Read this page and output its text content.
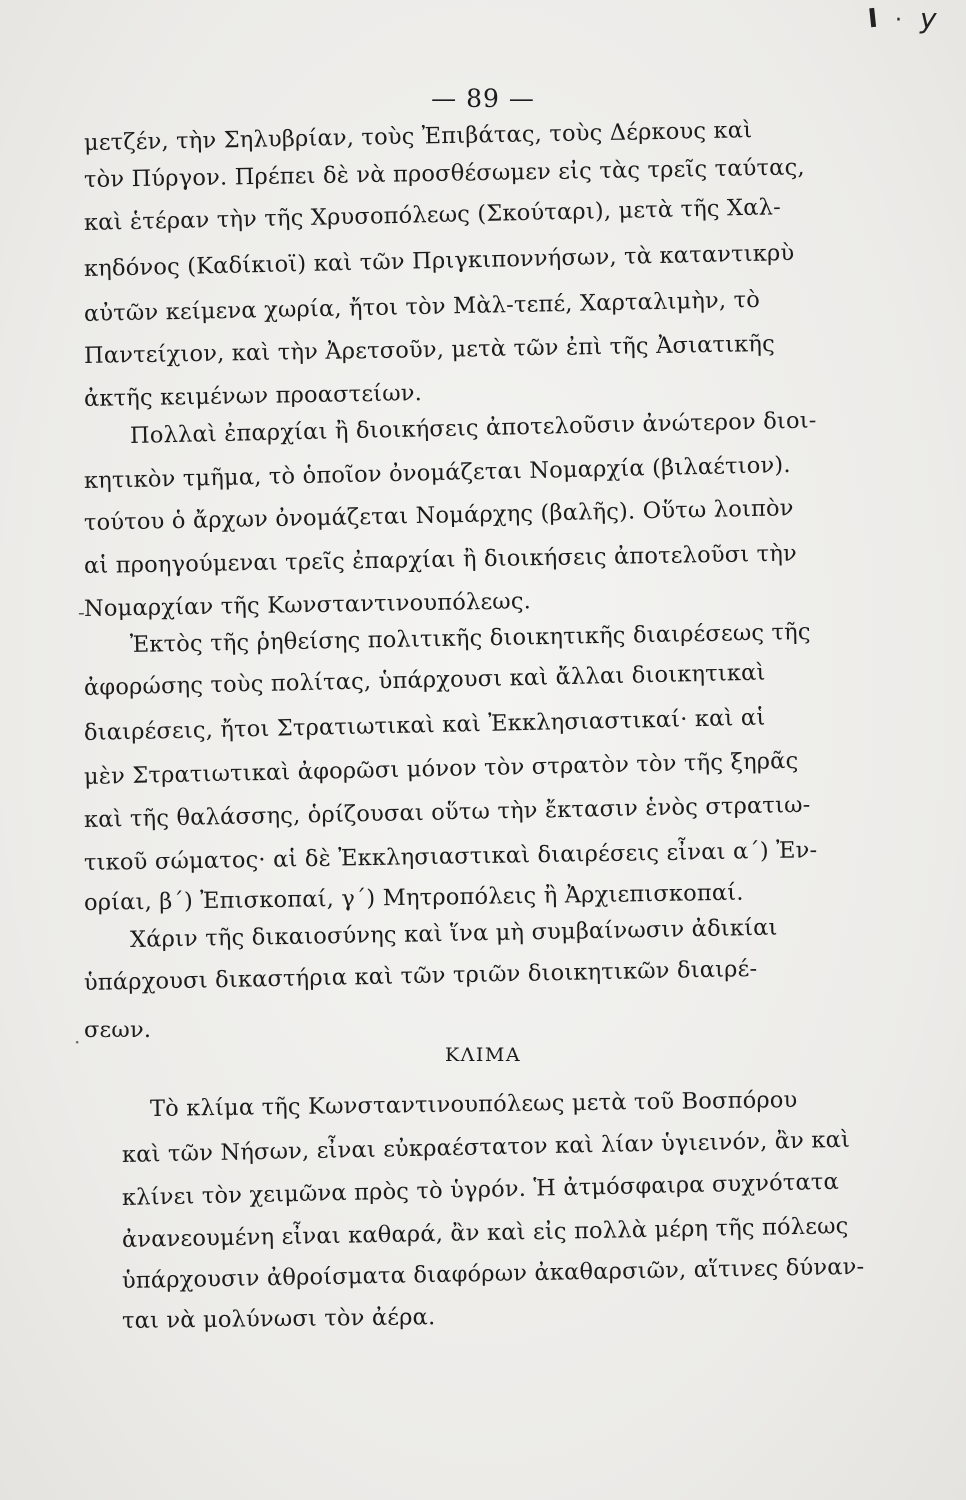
I · y
-
·
— 89 —
μετζέν, τὴν Σηλυβρίαν, τοὺς Ἐπιβάτας, τοὺς Δέρκους καὶ
τὸν Πύργον. Πρέπει δὲ νὰ προσθέσωμεν εἰς τὰς τρεῖς ταύτας,
καὶ ἑτέραν τὴν τῆς Χρυσοπόλεως (Σκούταρι), μετὰ τῆς Χαλ-
κηδόνος (Καδίκιοϊ) καὶ τῶν Πριγκιποννήσων, τὰ καταντικρὺ
αὐτῶν κείμενα χωρία, ἤτοι τὸν Μὰλ-τεπέ, Χαρταλιμὴν, τὸ
Παντείχιον, καὶ τὴν Ἀρετσοῦν, μετὰ τῶν ἐπὶ τῆς Ἀσιατικῆς
ἀκτῆς κειμένων προαστείων.
Πολλαὶ ἐπαρχίαι ἢ διοικήσεις ἀποτελοῦσιν ἀνώτερον διοι-
κητικὸν τμῆμα, τὸ ὁποῖον ὀνομάζεται Νομαρχία (βιλαέτιον).
τούτου ὁ ἄρχων ὀνομάζεται Νομάρχης (βαλῆς). Οὕτω λοιπὸν
αἱ προηγούμεναι τρεῖς ἐπαρχίαι ἢ διοικήσεις ἀποτελοῦσι τὴν
Νομαρχίαν τῆς Κωνσταντινουπόλεως.
Ἐκτὸς τῆς ῥηθείσης πολιτικῆς διοικητικῆς διαιρέσεως τῆς
ἀφορώσης τοὺς πολίτας, ὑπάρχουσι καὶ ἄλλαι διοικητικαὶ
διαιρέσεις, ἤτοι Στρατιωτικαὶ καὶ Ἐκκλησιαστικαί· καὶ αἱ
μὲν Στρατιωτικαὶ ἀφορῶσι μόνον τὸν στρατὸν τὸν τῆς ξηρᾶς
καὶ τῆς θαλάσσης, ὁρίζουσαι οὕτω τὴν ἔκτασιν ἑνὸς στρατιω-
τικοῦ σώματος· αἱ δὲ Ἐκκλησιαστικαὶ διαιρέσεις εἶναι α΄) Ἐν-
ορίαι, β΄) Ἐπισκοπαί, γ΄) Μητροπόλεις ἢ Ἀρχιεπισκοπαί.
Χάριν τῆς δικαιοσύνης καὶ ἵνα μὴ συμβαίνωσιν ἀδικίαι
ὑπάρχουσι δικαστήρια καὶ τῶν τριῶν διοικητικῶν διαιρέ-
σεων.
Τὸ κλίμα τῆς Κωνσταντινουπόλεως μετὰ τοῦ Βοσπόρου
καὶ τῶν Νήσων, εἶναι εὐκραέστατον καὶ λίαν ὑγιεινόν, ἂν καὶ
κλίνει τὸν χειμῶνα πρὸς τὸ ὑγρόν. Ἡ ἀτμόσφαιρα συχνότατα
ἀνανεουμένη εἶναι καθαρά, ἂν καὶ εἰς πολλὰ μέρη τῆς πόλεως
ὑπάρχουσιν ἀθροίσματα διαφόρων ἀκαθαρσιῶν, αἵτινες δύναν-
ται νὰ μολύνωσι τὸν ἀέρα.
ΚΛΙΜΑ
